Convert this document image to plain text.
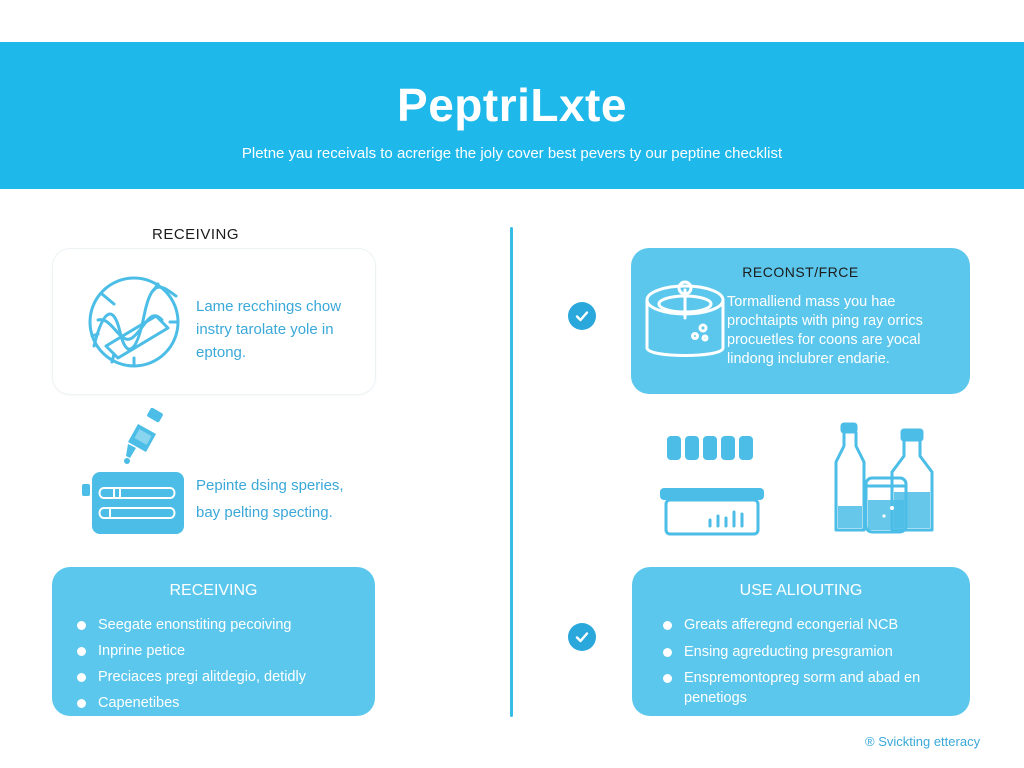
PeptriLxte
Pletne yau receivals to acrerige the joly cover best pevers ty our peptine checklist
RECEIVING
Lame recchings chow instry tarolate yole in eptong.
Pepinte dsing speries, bay pelting specting.
RECEIVING
Seegate enonstiting pecoiving
Inprine petice
Preciaces pregi alitdegio, detidly
Capenetibes
RECONST/FRCE
Tormalliend mass you hae prochtaipts with ping ray orrics procuetles for coons are yocal lindong inclubrer endarie.
USE ALIOUTING
Greats afferegnd econgerial NCB
Ensing agreducting presgramion
Enspremontopreg sorm and abad en penetiogs
® Svickting etteracy
